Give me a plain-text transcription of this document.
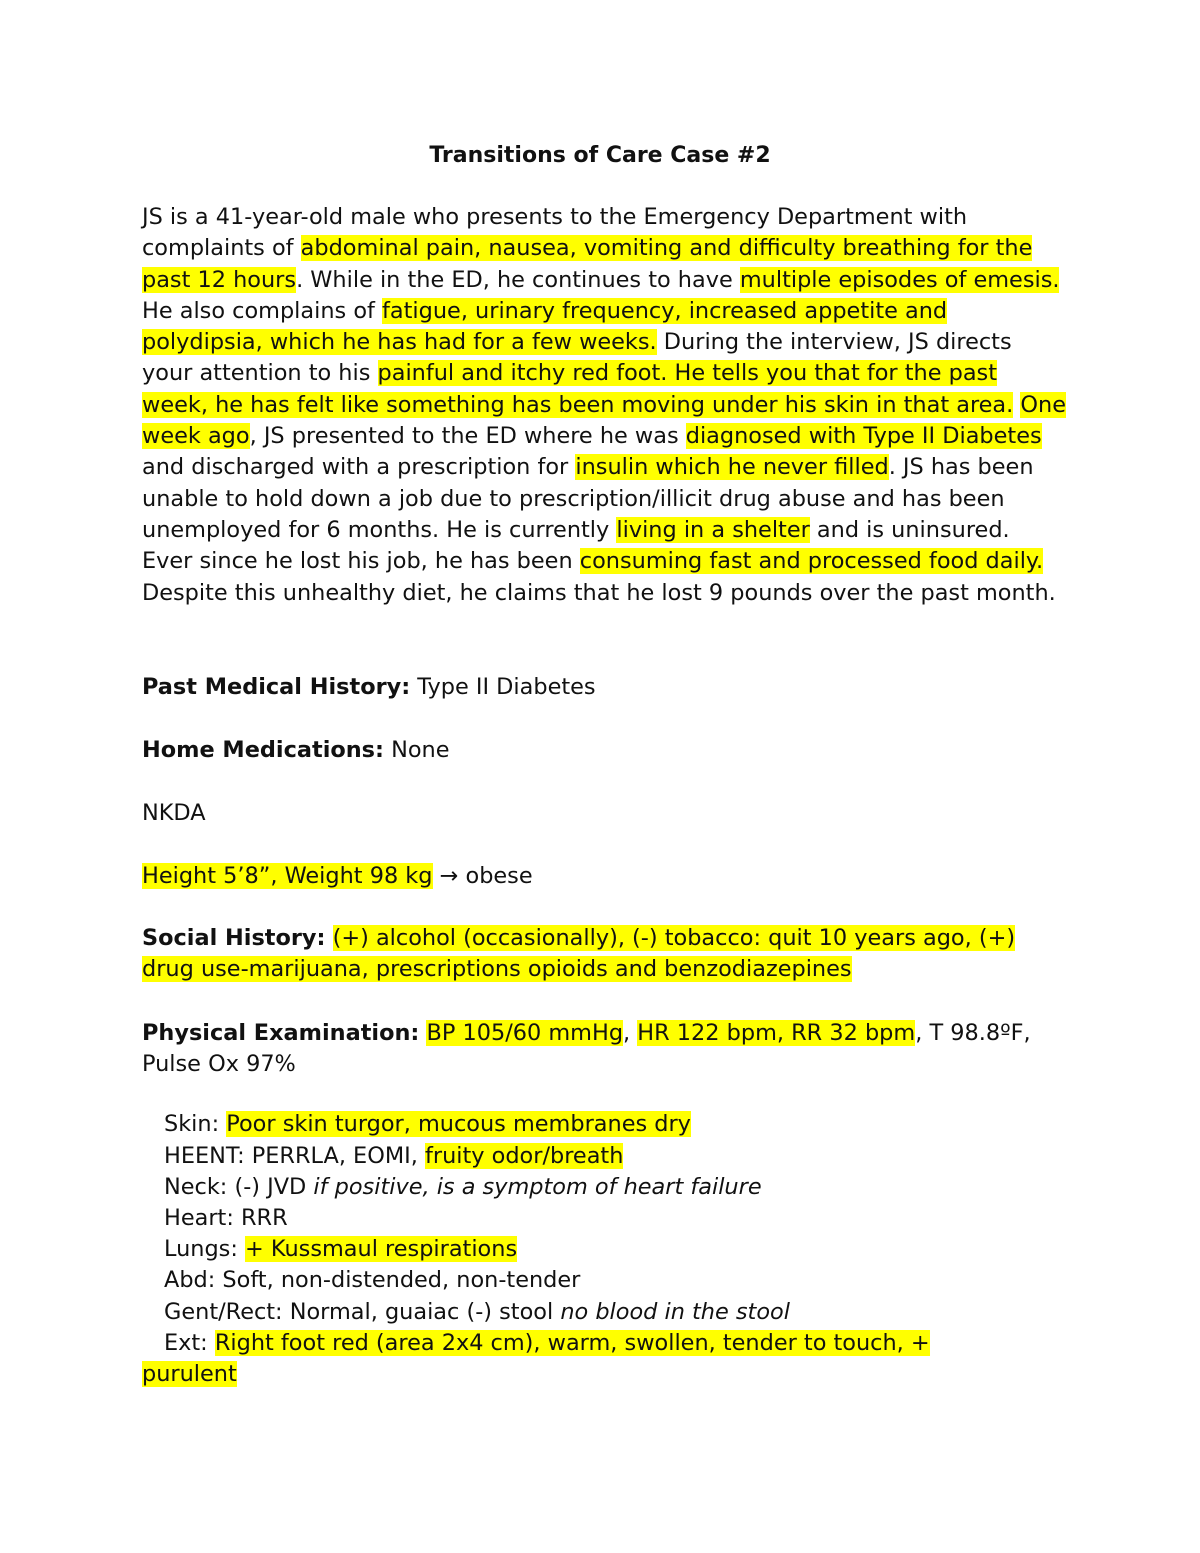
Transitions of Care Case #2

JS is a 41-year-old male who presents to the Emergency Department with complaints of abdominal pain, nausea, vomiting and difficulty breathing for the past 12 hours. While in the ED, he continues to have multiple episodes of emesis. He also complains of fatigue, urinary frequency, increased appetite and polydipsia, which he has had for a few weeks. During the interview, JS directs your attention to his painful and itchy red foot. He tells you that for the past week, he has felt like something has been moving under his skin in that area. One week ago, JS presented to the ED where he was diagnosed with Type II Diabetes and discharged with a prescription for insulin which he never filled. JS has been unable to hold down a job due to prescription/illicit drug abuse and has been unemployed for 6 months. He is currently living in a shelter and is uninsured. Ever since he lost his job, he has been consuming fast and processed food daily. Despite this unhealthy diet, he claims that he lost 9 pounds over the past month.

Past Medical History: Type II Diabetes
Home Medications: None
NKDA
Height 5’8”, Weight 98 kg → obese
Social History: (+) alcohol (occasionally), (-) tobacco: quit 10 years ago, (+) drug use-marijuana, prescriptions opioids and benzodiazepines
Physical Examination: BP 105/60 mmHg, HR 122 bpm, RR 32 bpm, T 98.8ºF, Pulse Ox 97%
Skin: Poor skin turgor, mucous membranes dry
HEENT: PERRLA, EOMI, fruity odor/breath
Neck: (-) JVD if positive, is a symptom of heart failure
Heart: RRR
Lungs: + Kussmaul respirations
Abd: Soft, non-distended, non-tender
Gent/Rect: Normal, guaiac (-) stool no blood in the stool
Ext: Right foot red (area 2x4 cm), warm, swollen, tender to touch, + purulent
